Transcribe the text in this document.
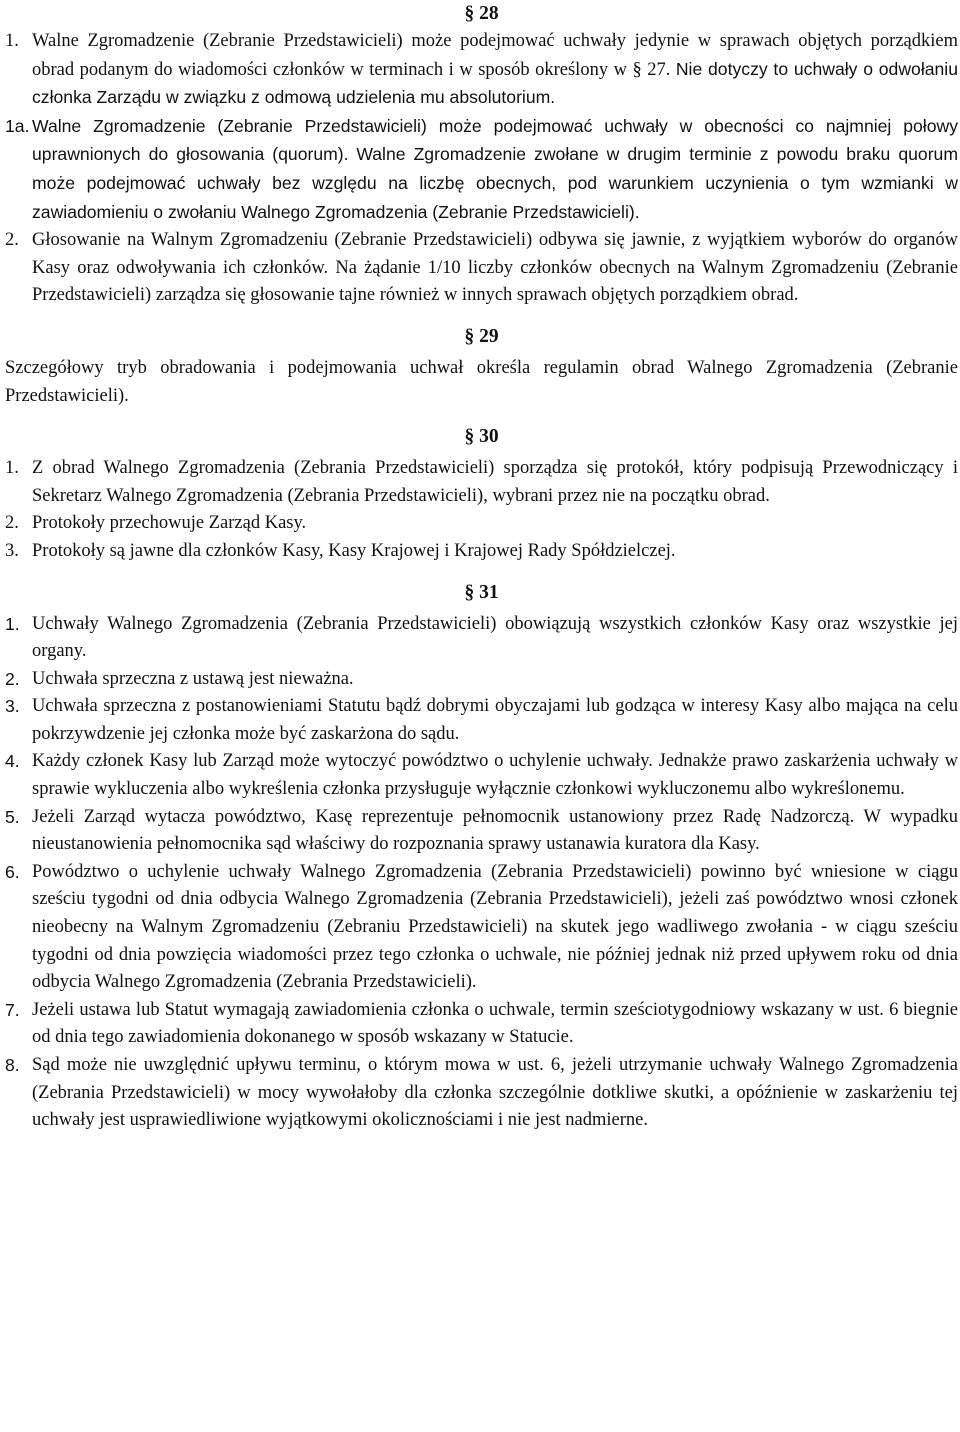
§ 28
1. Walne Zgromadzenie (Zebranie Przedstawicieli) może podejmować uchwały jedynie w sprawach objętych porządkiem obrad podanym do wiadomości członków w terminach i w sposób określony w § 27. Nie dotyczy to uchwały o odwołaniu członka Zarządu w związku z odmową udzielenia mu absolutorium.
1a. Walne Zgromadzenie (Zebranie Przedstawicieli) może podejmować uchwały w obecności co najmniej połowy uprawnionych do głosowania (quorum). Walne Zgromadzenie zwołane w drugim terminie z powodu braku quorum może podejmować uchwały bez względu na liczbę obecnych, pod warunkiem uczynienia o tym wzmianki w zawiadomieniu o zwołaniu Walnego Zgromadzenia (Zebranie Przedstawicieli).
2. Głosowanie na Walnym Zgromadzeniu (Zebranie Przedstawicieli) odbywa się jawnie, z wyjątkiem wyborów do organów Kasy oraz odwoływania ich członków. Na żądanie 1/10 liczby członków obecnych na Walnym Zgromadzeniu (Zebranie Przedstawicieli) zarządza się głosowanie tajne również w innych sprawach objętych porządkiem obrad.
§ 29
Szczegółowy tryb obradowania i podejmowania uchwał określa regulamin obrad Walnego Zgromadzenia (Zebranie Przedstawicieli).
§ 30
1. Z obrad Walnego Zgromadzenia (Zebrania Przedstawicieli) sporządza się protokół, który podpisują Przewodniczący i Sekretarz Walnego Zgromadzenia (Zebrania Przedstawicieli), wybrani przez nie na początku obrad.
2. Protokoły przechowuje Zarząd Kasy.
3. Protokoły są jawne dla członków Kasy, Kasy Krajowej i Krajowej Rady Spółdzielczej.
§ 31
1. Uchwały Walnego Zgromadzenia (Zebrania Przedstawicieli) obowiązują wszystkich członków Kasy oraz wszystkie jej organy.
2. Uchwała sprzeczna z ustawą jest nieważna.
3. Uchwała sprzeczna z postanowieniami Statutu bądź dobrymi obyczajami lub godząca w interesy Kasy albo mająca na celu pokrzywdzenie jej członka może być zaskarżona do sądu.
4. Każdy członek Kasy lub Zarząd może wytoczyć powództwo o uchylenie uchwały. Jednakże prawo zaskarżenia uchwały w sprawie wykluczenia albo wykreślenia członka przysługuje wyłącznie członkowi wykluczonemu albo wykreślonemu.
5. Jeżeli Zarząd wytacza powództwo, Kasę reprezentuje pełnomocnik ustanowiony przez Radę Nadzorczą. W wypadku nieustanowienia pełnomocnika sąd właściwy do rozpoznania sprawy ustanawia kuratora dla Kasy.
6. Powództwo o uchylenie uchwały Walnego Zgromadzenia (Zebrania Przedstawicieli) powinno być wniesione w ciągu sześciu tygodni od dnia odbycia Walnego Zgromadzenia (Zebrania Przedstawicieli), jeżeli zaś powództwo wnosi członek nieobecny na Walnym Zgromadzeniu (Zebraniu Przedstawicieli) na skutek jego wadliwego zwołania - w ciągu sześciu tygodni od dnia powzięcia wiadomości przez tego członka o uchwale, nie później jednak niż przed upływem roku od dnia odbycia Walnego Zgromadzenia (Zebrania Przedstawicieli).
7. Jeżeli ustawa lub Statut wymagają zawiadomienia członka o uchwale, termin sześciotygodniowy wskazany w ust. 6 biegnie od dnia tego zawiadomienia dokonanego w sposób wskazany w Statucie.
8. Sąd może nie uwzględnić upływu terminu, o którym mowa w ust. 6, jeżeli utrzymanie uchwały Walnego Zgromadzenia (Zebrania Przedstawicieli) w mocy wywołałoby dla członka szczególnie dotkliwe skutki, a opóźnienie w zaskarżeniu tej uchwały jest usprawiedliwione wyjątkowymi okolicznościami i nie jest nadmierne.
